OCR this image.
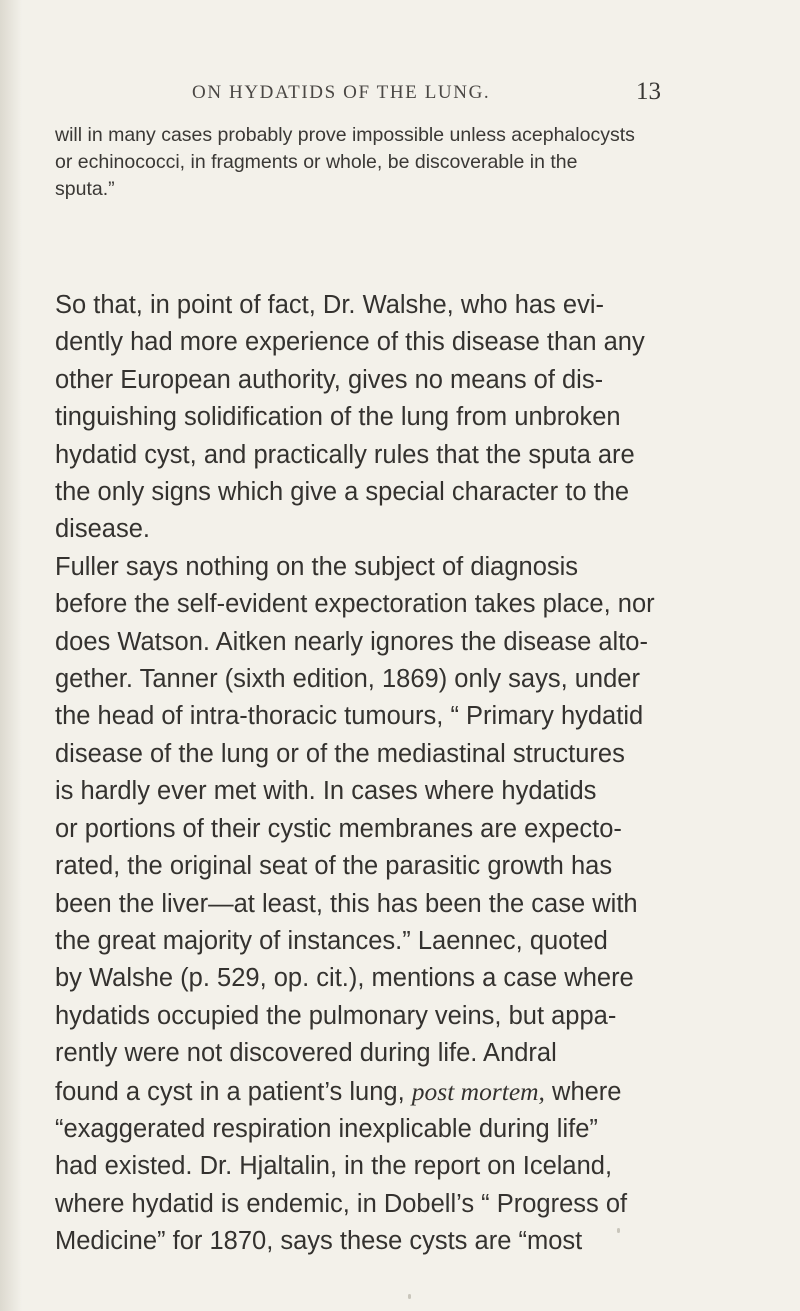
ON HYDATIDS OF THE LUNG.	13
will in many cases probably prove impossible unless acephalocysts
or echinococci, in fragments or whole, be discoverable in the
sputa.”
So that, in point of fact, Dr. Walshe, who has evi-
dently had more experience of this disease than any
other European authority, gives no means of dis-
tinguishing solidification of the lung from unbroken
hydatid cyst, and practically rules that the sputa are
the only signs which give a special character to the
disease.
Fuller says nothing on the subject of diagnosis
before the self-evident expectoration takes place, nor
does Watson. Aitken nearly ignores the disease alto-
gether. Tanner (sixth edition, 1869) only says, under
the head of intra-thoracic tumours, “ Primary hydatid
disease of the lung or of the mediastinal structures
is hardly ever met with. In cases where hydatids
or portions of their cystic membranes are expecto-
rated, the original seat of the parasitic growth has
been the liver—at least, this has been the case with
the great majority of instances.” Laennec, quoted
by Walshe (p. 529, op. cit.), mentions a case where
hydatids occupied the pulmonary veins, but appa-
rently were not discovered during life. Andral
found a cyst in a patient’s lung, post mortem, where
“exaggerated respiration inexplicable during life”
had existed. Dr. Hjaltalin, in the report on Iceland,
where hydatid is endemic, in Dobell’s “ Progress of
Medicine” for 1870, says these cysts are “most
